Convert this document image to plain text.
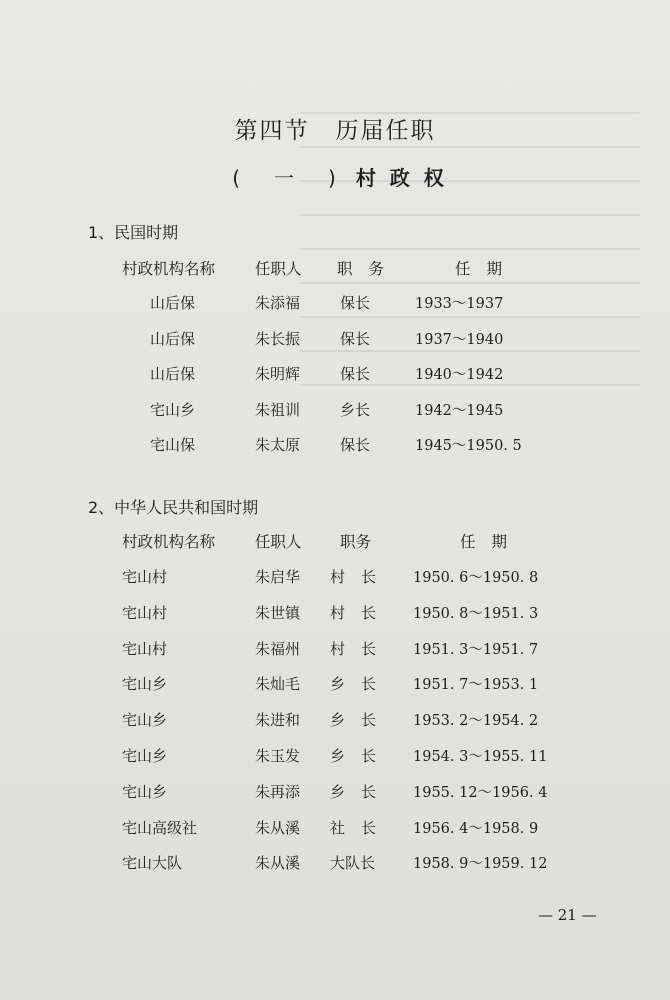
第四节 历届任职
( 一 ) 村政权
1、民国时期
村政机构名称	任职人 职务	任期
山后保	朱添福	保长	1933～1937
山后保	朱长振	保长	1937～1940
山后保	朱明辉	保长	1940～1942
宅山乡	朱祖训	乡长	1942～1945
宅山保	朱太原	保长	1945～1950. 5
2、中华人民共和国时期
村政机构名称	任职人 职务	任期
宅山村	朱启华 村长 1950. 6～1950. 8
宅山村	朱世镇 村长 1950. 8～1951. 3
宅山村	朱福州 村长 1951. 3～1951. 7
宅山乡	朱灿毛 乡长 1951. 7～1953. 1
宅山乡	朱进和 乡长 1953. 2～1954. 2
宅山乡	朱玉发 乡长 1954. 3～1955. 11
宅山乡	朱再添 乡长 1955. 12～1956. 4
宅山高级社	朱从溪 社长 1956. 4～1958. 9
宅山大队	朱从溪 大队长	1958. 9～1959. 12
— 21 —
